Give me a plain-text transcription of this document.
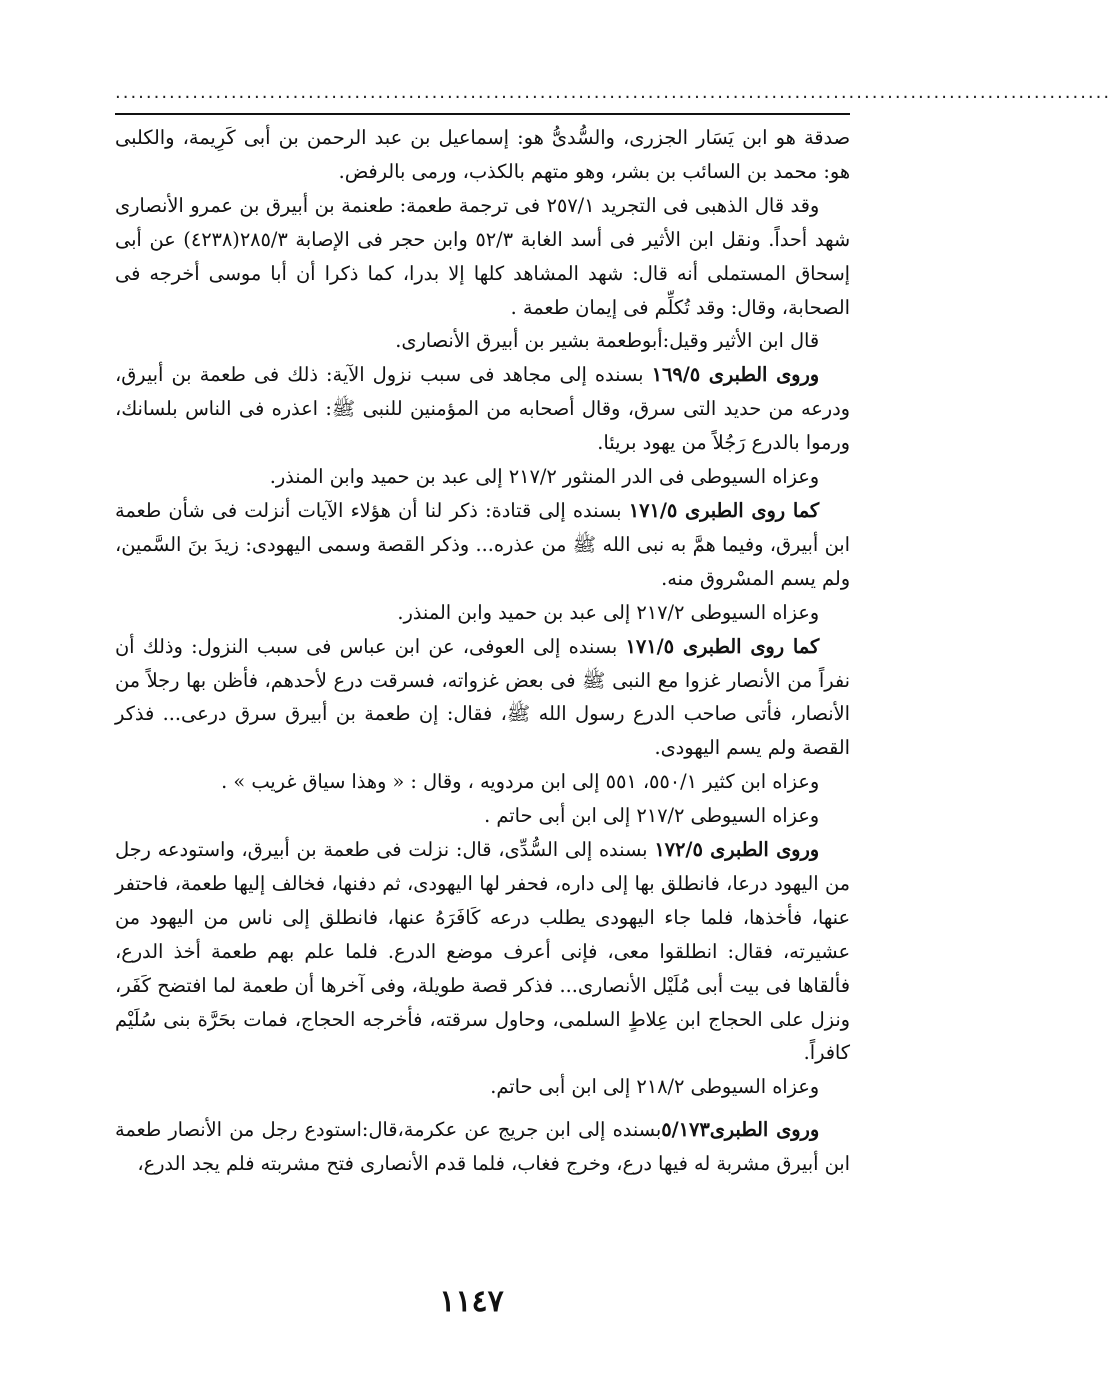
.................................................................................................................................

صدقة هو ابن يَسَار الجزرى، والسُّدىُّ هو: إسماعيل بن عبد الرحمن بن أبى كَرِيمة، والكلبى هو: محمد بن السائب بن بشر، وهو متهم بالكذب، ورمى بالرفض.

وقد قال الذهبى فى التجريد ٢٥٧/١ فى ترجمة طعمة: طعنمة بن أبيرق بن عمرو الأنصارى شهد أحداً. ونقل ابن الأثير فى أسد الغابة ٥٢/٣ وابن حجر فى الإصابة ٢٨٥/٣(٤٢٣٨) عن أبى إسحاق المستملى أنه قال: شهد المشاهد كلها إلا بدرا، كما ذكرا أن أبا موسى أخرجه فى الصحابة، وقال: وقد تُكلِّم فى إيمان طعمة .

قال ابن الأثير وقيل:أبوطعمة بشير بن أبيرق الأنصارى.

وروى الطبرى ١٦٩/٥ بسنده إلى مجاهد فى سبب نزول الآية: ذلك فى طعمة بن أبيرق، ودرعه من حديد التى سرق، وقال أصحابه من المؤمنين للنبى ﷺ: اعذره فى الناس بلسانك، ورموا بالدرع رَجُلاً من يهود بريئا.

وعزاه السيوطى فى الدر المنثور ٢١٧/٢ إلى عبد بن حميد وابن المنذر.

كما روى الطبرى ١٧١/٥ بسنده إلى قتادة: ذكر لنا أن هؤلاء الآيات أنزلت فى شأن طعمة ابن أبيرق، وفيما همَّ به نبى الله ﷺ من عذره... وذكر القصة وسمى اليهودى: زيدَ بنَ السَّمين، ولم يسم المسْروق منه.

وعزاه السيوطى ٢١٧/٢ إلى عبد بن حميد وابن المنذر.

كما روى الطبرى ١٧١/٥ بسنده إلى العوفى، عن ابن عباس فى سبب النزول: وذلك أن نفراً من الأنصار غزوا مع النبى ﷺ فى بعض غزواته، فسرقت درع لأحدهم، فأظن بها رجلاً من الأنصار، فأتى صاحب الدرع رسول الله ﷺ، فقال: إن طعمة بن أبيرق سرق درعى... فذكر القصة ولم يسم اليهودى.

وعزاه ابن كثير ٥٥٠/١، ٥٥١ إلى ابن مردويه ، وقال : « وهذا سياق غريب » .

وعزاه السيوطى ٢١٧/٢ إلى ابن أبى حاتم .

وروى الطبرى ١٧٢/٥ بسنده إلى السُّدِّى، قال: نزلت فى طعمة بن أبيرق، واستودعه رجل من اليهود درعا، فانطلق بها إلى داره، فحفر لها اليهودى، ثم دفنها، فخالف إليها طعمة، فاحتفر عنها، فأخذها، فلما جاء اليهودى يطلب درعه كَافَرَهُ عنها، فانطلق إلى ناس من اليهود من عشيرته، فقال: انطلقوا معى، فإنى أعرف موضع الدرع. فلما علم بهم طعمة أخذ الدرع، فألقاها فى بيت أبى مُلَيْل الأنصارى... فذكر قصة طويلة، وفى آخرها أن طعمة لما افتضح كَفَر، ونزل على الحجاج ابن عِلاطٍ السلمى، وحاول سرقته، فأخرجه الحجاج، فمات بحَرَّة بنى سُلَيْم كافراً.

وعزاه السيوطى ٢١٨/٢ إلى ابن أبى حاتم.

وروى الطبرى٥/١٧٣بسنده إلى ابن جريج عن عكرمة،قال:استودع رجل من الأنصار طعمة ابن أبيرق مشربة له فيها درع، وخرج فغاب، فلما قدم الأنصارى فتح مشربته فلم يجد الدرع،

١١٤٧
